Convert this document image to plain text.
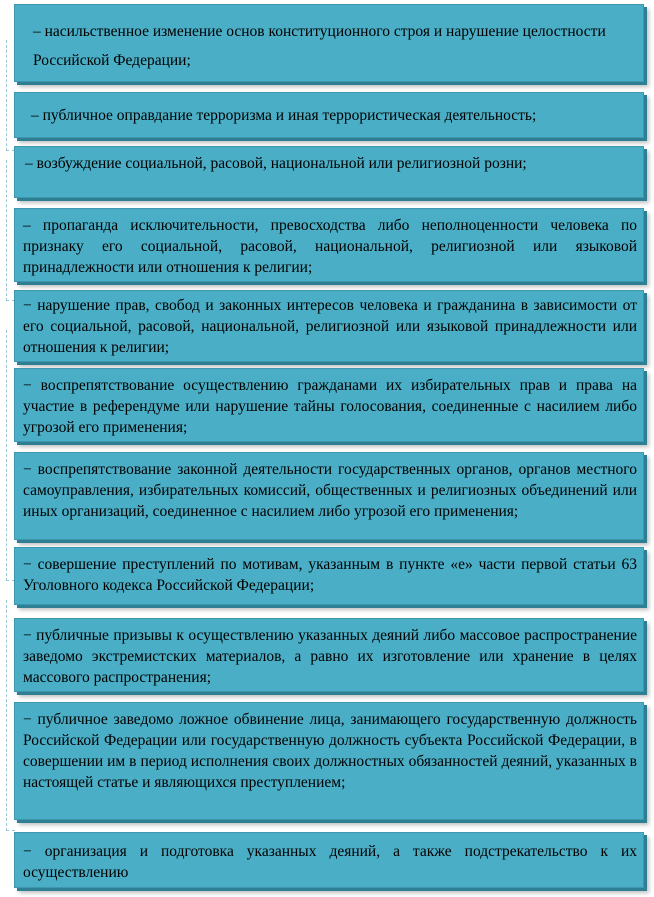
– насильственное изменение основ конституционного строя и нарушение целостности Российской Федерации;
– публичное оправдание терроризма и иная террористическая деятельность;
– возбуждение социальной, расовой, национальной или религиозной розни;
– пропаганда исключительности, превосходства либо неполноценности человека по признаку его социальной, расовой, национальной, религиозной или языковой принадлежности или отношения к религии;
− нарушение прав, свобод и законных интересов человека и гражданина в зависимости от его социальной, расовой, национальной, религиозной или языковой принадлежности или отношения к религии;
− воспрепятствование осуществлению гражданами их избирательных прав и права на участие в референдуме или нарушение тайны голосования, соединенные с насилием либо угрозой его применения;
− воспрепятствование законной деятельности государственных органов, органов местного самоуправления, избирательных комиссий, общественных и религиозных объединений или иных организаций, соединенное с насилием либо угрозой его применения;
− совершение преступлений по мотивам, указанным в пункте «е» части первой статьи 63 Уголовного кодекса Российской Федерации;
− публичные призывы к осуществлению указанных деяний либо массовое распространение заведомо экстремистских материалов, а равно их изготовление или хранение в целях массового распространения;
− публичное заведомо ложное обвинение лица, занимающего государственную должность Российской Федерации или государственную должность субъекта Российской Федерации, в совершении им в период исполнения своих должностных обязанностей деяний, указанных в настоящей статье и являющихся преступлением;
− организация и подготовка указанных деяний, а также подстрекательство к их осуществлению
